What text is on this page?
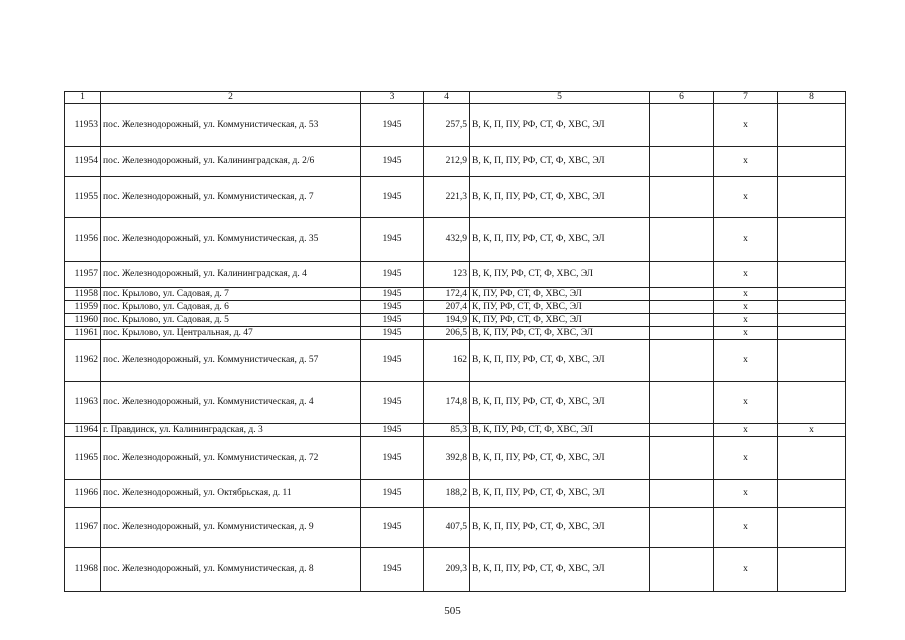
1	2	3	4	5	6	7	8
11953	пос. Железнодорожный, ул. Коммунистическая, д. 53	1945	257,5	В, К, П, ПУ, РФ, СТ, Ф, ХВС, ЭЛ		х	
11954	пос. Железнодорожный, ул. Калининградская, д. 2/6	1945	212,9	В, К, П, ПУ, РФ, СТ, Ф, ХВС, ЭЛ		х	
11955	пос. Железнодорожный, ул. Коммунистическая, д. 7	1945	221,3	В, К, П, ПУ, РФ, СТ, Ф, ХВС, ЭЛ		х	
11956	пос. Железнодорожный, ул. Коммунистическая, д. 35	1945	432,9	В, К, П, ПУ, РФ, СТ, Ф, ХВС, ЭЛ		х	
11957	пос. Железнодорожный, ул. Калининградская, д. 4	1945	123	В, К, ПУ, РФ, СТ, Ф, ХВС, ЭЛ		х	
11958	пос. Крылово, ул. Садовая, д. 7	1945	172,4	К, ПУ, РФ, СТ, Ф, ХВС, ЭЛ		х	
11959	пос. Крылово, ул. Садовая, д. 6	1945	207,4	К, ПУ, РФ, СТ, Ф, ХВС, ЭЛ		х	
11960	пос. Крылово, ул. Садовая, д. 5	1945	194,9	К, ПУ, РФ, СТ, Ф, ХВС, ЭЛ		х	
11961	пос. Крылово, ул. Центральная, д. 47	1945	206,5	В, К, ПУ, РФ, СТ, Ф, ХВС, ЭЛ		х	
11962	пос. Железнодорожный, ул. Коммунистическая, д. 57	1945	162	В, К, П, ПУ, РФ, СТ, Ф, ХВС, ЭЛ		х	
11963	пос. Железнодорожный, ул. Коммунистическая, д. 4	1945	174,8	В, К, П, ПУ, РФ, СТ, Ф, ХВС, ЭЛ		х	
11964	г. Правдинск, ул. Калининградская, д. 3	1945	85,3	В, К, ПУ, РФ, СТ, Ф, ХВС, ЭЛ		х	х
11965	пос. Железнодорожный, ул. Коммунистическая, д. 72	1945	392,8	В, К, П, ПУ, РФ, СТ, Ф, ХВС, ЭЛ		х	
11966	пос. Железнодорожный, ул. Октябрьская, д. 11	1945	188,2	В, К, П, ПУ, РФ, СТ, Ф, ХВС, ЭЛ		х	
11967	пос. Железнодорожный, ул. Коммунистическая, д. 9	1945	407,5	В, К, П, ПУ, РФ, СТ, Ф, ХВС, ЭЛ		х	
11968	пос. Железнодорожный, ул. Коммунистическая, д. 8	1945	209,3	В, К, П, ПУ, РФ, СТ, Ф, ХВС, ЭЛ		х	
505
